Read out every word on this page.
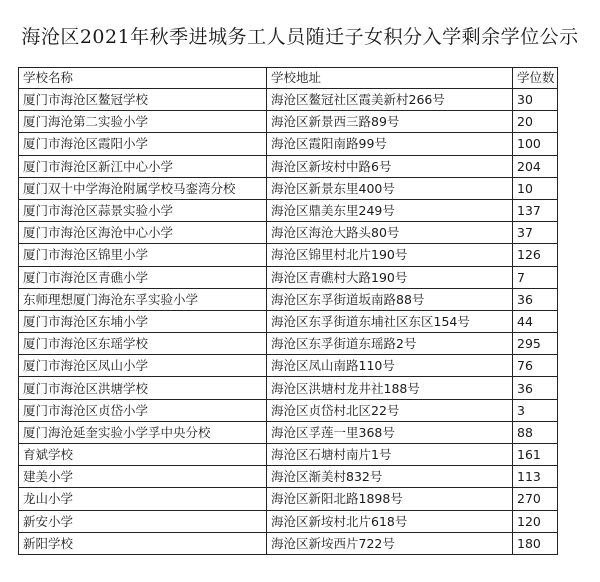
海沧区2021年秋季进城务工人员随迁子女积分入学剩余学位公示
学校名称	学校地址	学位数
厦门市海沧区鳌冠学校	海沧区鳌冠社区霞美新村266号	30
厦门海沧第二实验小学	海沧区新景西三路89号	20
厦门市海沧区霞阳小学	海沧区霞阳南路99号	100
厦门市海沧区新江中心小学	海沧区新垵村中路6号	204
厦门双十中学海沧附属学校马銮湾分校	海沧区新景东里400号	10
厦门市海沧区蒜景实验小学	海沧区鼎美东里249号	137
厦门市海沧区海沧中心小学	海沧区海沧大路头80号	37
厦门市海沧区锦里小学	海沧区锦里村北片190号	126
厦门市海沧区青礁小学	海沧区青礁村大路190号	7
东师理想厦门海沧东孚实验小学	海沧区东孚街道坂南路88号	36
厦门市海沧区东埔小学	海沧区东孚街道东埔社区东区154号	44
厦门市海沧区东瑶学校	海沧区东孚街道东瑶路2号	295
厦门市海沧区凤山小学	海沧区凤山南路110号	76
厦门市海沧区洪塘学校	海沧区洪塘村龙井社188号	36
厦门市海沧区贞岱小学	海沧区贞岱村北区22号	3
厦门海沧延奎实验小学孚中央分校	海沧区孚莲一里368号	88
育斌学校	海沧区石塘村南片1号	161
建美小学	海沧区渐美村832号	113
龙山小学	海沧区新阳北路1898号	270
新安小学	海沧区新垵村北片618号	120
新阳学校	海沧区新垵西片722号	180
